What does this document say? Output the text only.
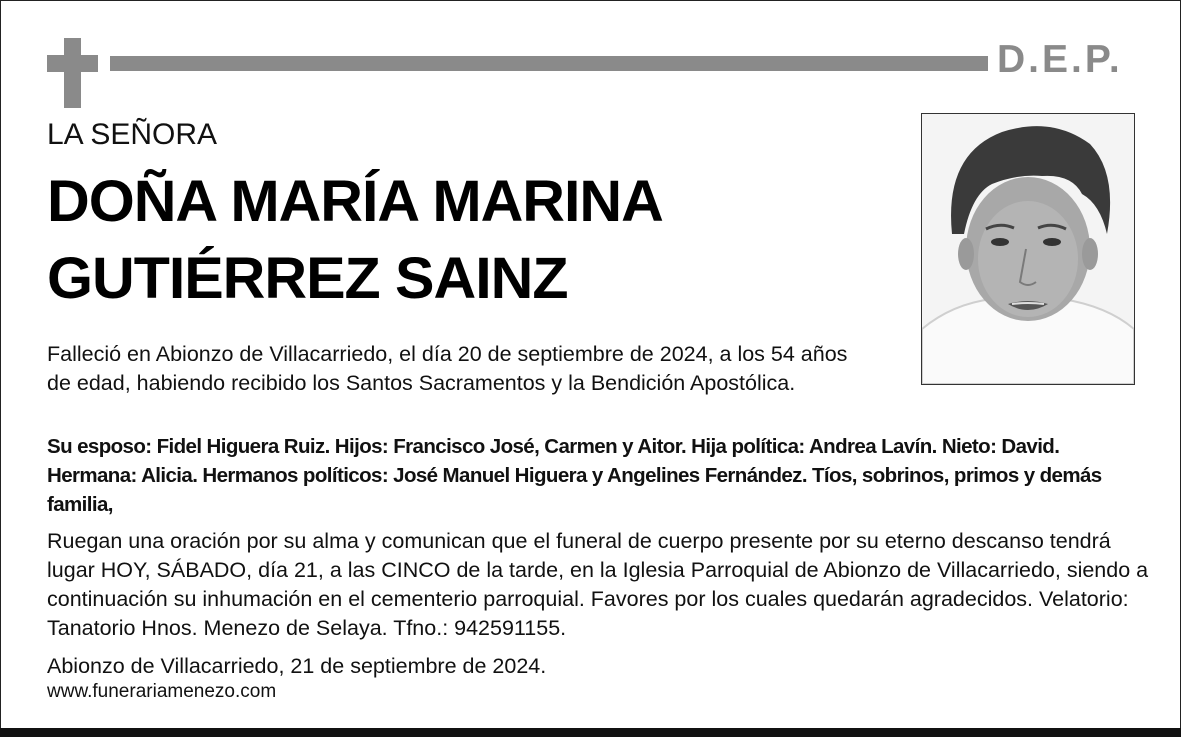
D.E.P.
LA SEÑORA
DOÑA MARÍA MARINA
GUTIÉRREZ SAINZ

Falleció en Abionzo de Villacarriedo, el día 20 de septiembre de 2024, a los 54 años de edad, habiendo recibido los Santos Sacramentos y la Bendición Apostólica.

Su esposo: Fidel Higuera Ruiz. Hijos: Francisco José, Carmen y Aitor. Hija política: Andrea Lavín. Nieto: David. Hermana: Alicia. Hermanos políticos: José Manuel Higuera y Angelines Fernández. Tíos, sobrinos, primos y demás familia,

Ruegan una oración por su alma y comunican que el funeral de cuerpo presente por su eterno descanso tendrá lugar HOY, SÁBADO, día 21, a las CINCO de la tarde, en la Iglesia Parroquial de Abionzo de Villacarriedo, siendo a continuación su inhumación en el cementerio parroquial. Favores por los cuales quedarán agradecidos. Velatorio: Tanatorio Hnos. Menezo de Selaya. Tfno.: 942591155.

Abionzo de Villacarriedo, 21 de septiembre de 2024.

www.funerariamenezo.com
